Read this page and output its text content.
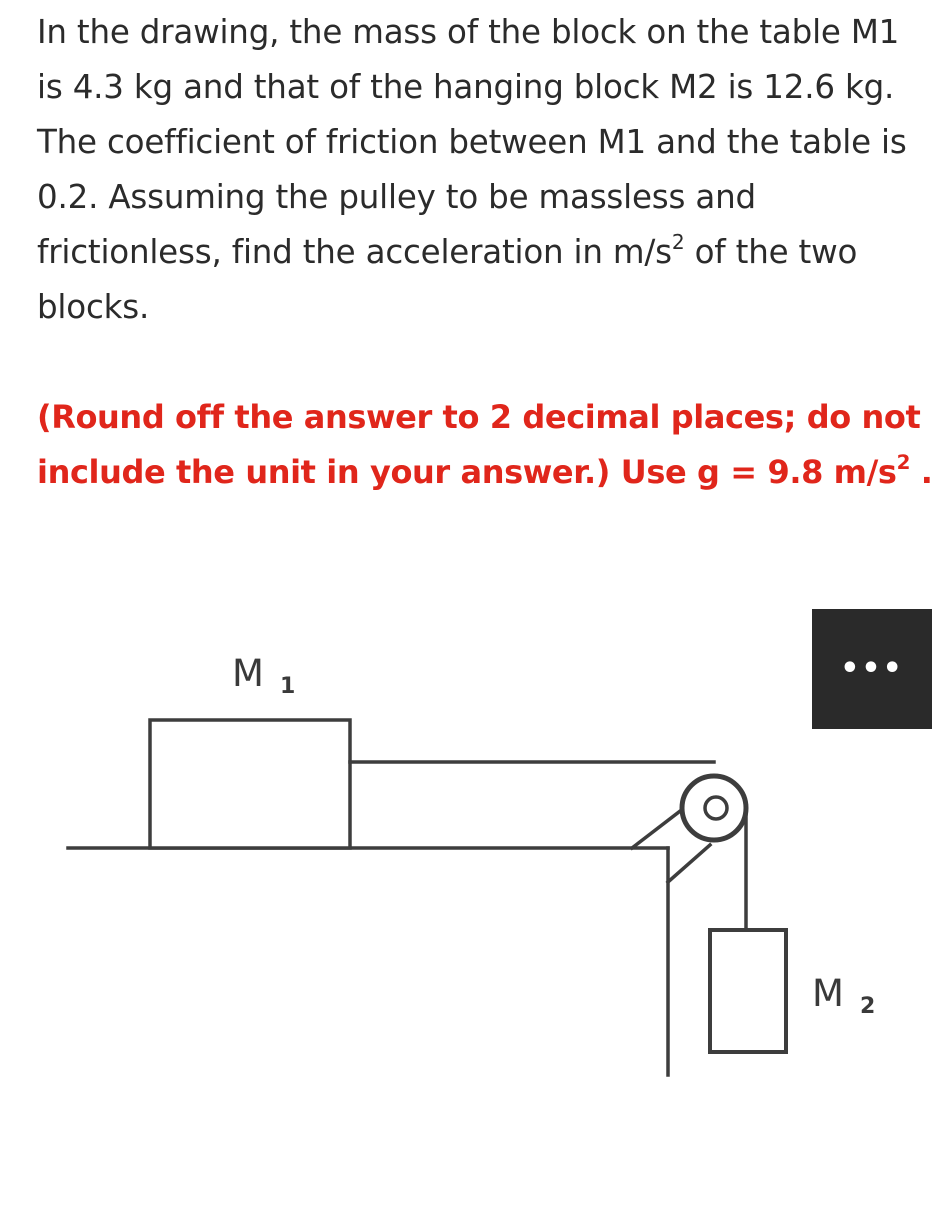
In the drawing, the mass of the block on the table M1 is 4.3 kg and that of the hanging block M2 is 12.6 kg. The coefficient of friction between M1 and the table is 0.2. Assuming the pulley to be massless and frictionless, find the acceleration in $m/s^2$ of the two blocks.

(Round off the answer to 2 decimal places; do not include the unit in your answer.) Use g = 9.8 $m/s^2$ .

M 1
M 2
•••
